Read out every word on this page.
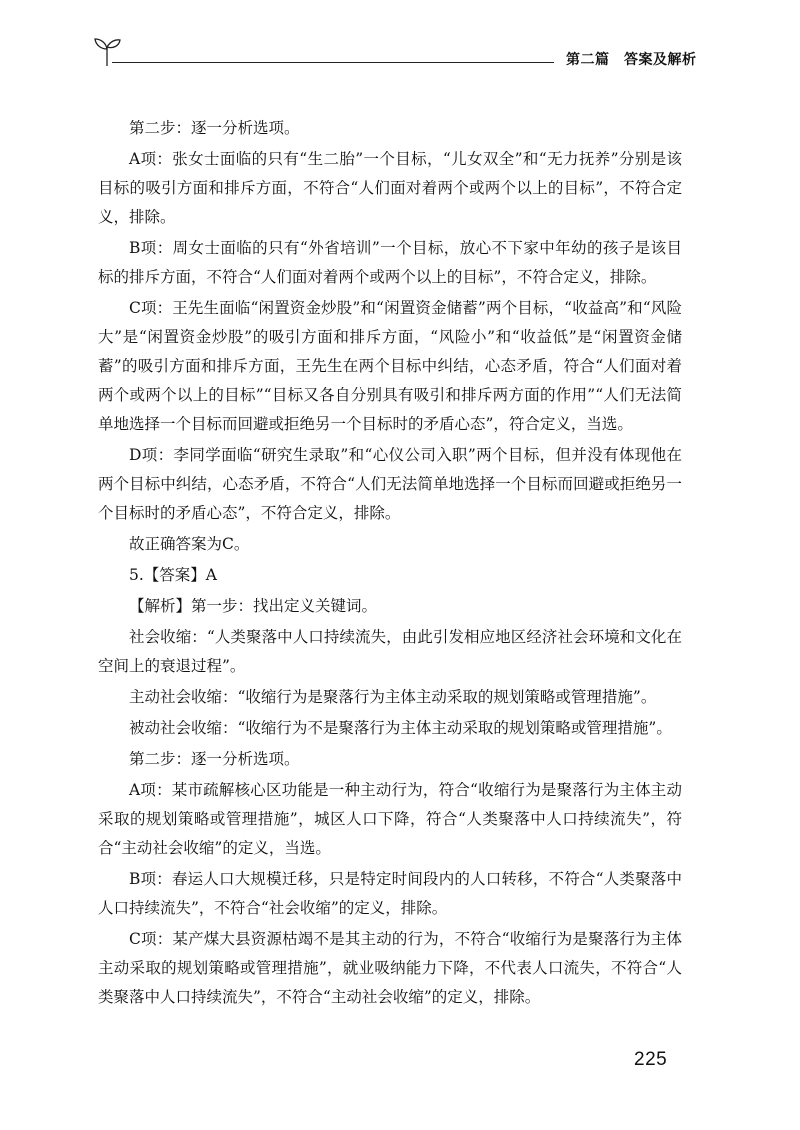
第二篇　答案及解析

第二步：逐一分析选项。

A项：张女士面临的只有“生二胎”一个目标，“儿女双全”和“无力抚养”分别是该目标的吸引方面和排斥方面，不符合“人们面对着两个或两个以上的目标”，不符合定义，排除。

B项：周女士面临的只有“外省培训”一个目标，放心不下家中年幼的孩子是该目标的排斥方面，不符合“人们面对着两个或两个以上的目标”，不符合定义，排除。

C项：王先生面临“闲置资金炒股”和“闲置资金储蓄”两个目标，“收益高”和“风险大”是“闲置资金炒股”的吸引方面和排斥方面，“风险小”和“收益低”是“闲置资金储蓄”的吸引方面和排斥方面，王先生在两个目标中纠结，心态矛盾，符合“人们面对着两个或两个以上的目标”“目标又各自分别具有吸引和排斥两方面的作用”“人们无法简单地选择一个目标而回避或拒绝另一个目标时的矛盾心态”，符合定义，当选。

D项：李同学面临“研究生录取”和“心仪公司入职”两个目标，但并没有体现他在两个目标中纠结，心态矛盾，不符合“人们无法简单地选择一个目标而回避或拒绝另一个目标时的矛盾心态”，不符合定义，排除。

故正确答案为C。

5.【答案】A

【解析】第一步：找出定义关键词。

社会收缩：“人类聚落中人口持续流失，由此引发相应地区经济社会环境和文化在空间上的衰退过程”。

主动社会收缩：“收缩行为是聚落行为主体主动采取的规划策略或管理措施”。

被动社会收缩：“收缩行为不是聚落行为主体主动采取的规划策略或管理措施”。

第二步：逐一分析选项。

A项：某市疏解核心区功能是一种主动行为，符合“收缩行为是聚落行为主体主动采取的规划策略或管理措施”，城区人口下降，符合“人类聚落中人口持续流失”，符合“主动社会收缩”的定义，当选。

B项：春运人口大规模迁移，只是特定时间段内的人口转移，不符合“人类聚落中人口持续流失”，不符合“社会收缩”的定义，排除。

C项：某产煤大县资源枯竭不是其主动的行为，不符合“收缩行为是聚落行为主体主动采取的规划策略或管理措施”，就业吸纳能力下降，不代表人口流失，不符合“人类聚落中人口持续流失”，不符合“主动社会收缩”的定义，排除。

225
